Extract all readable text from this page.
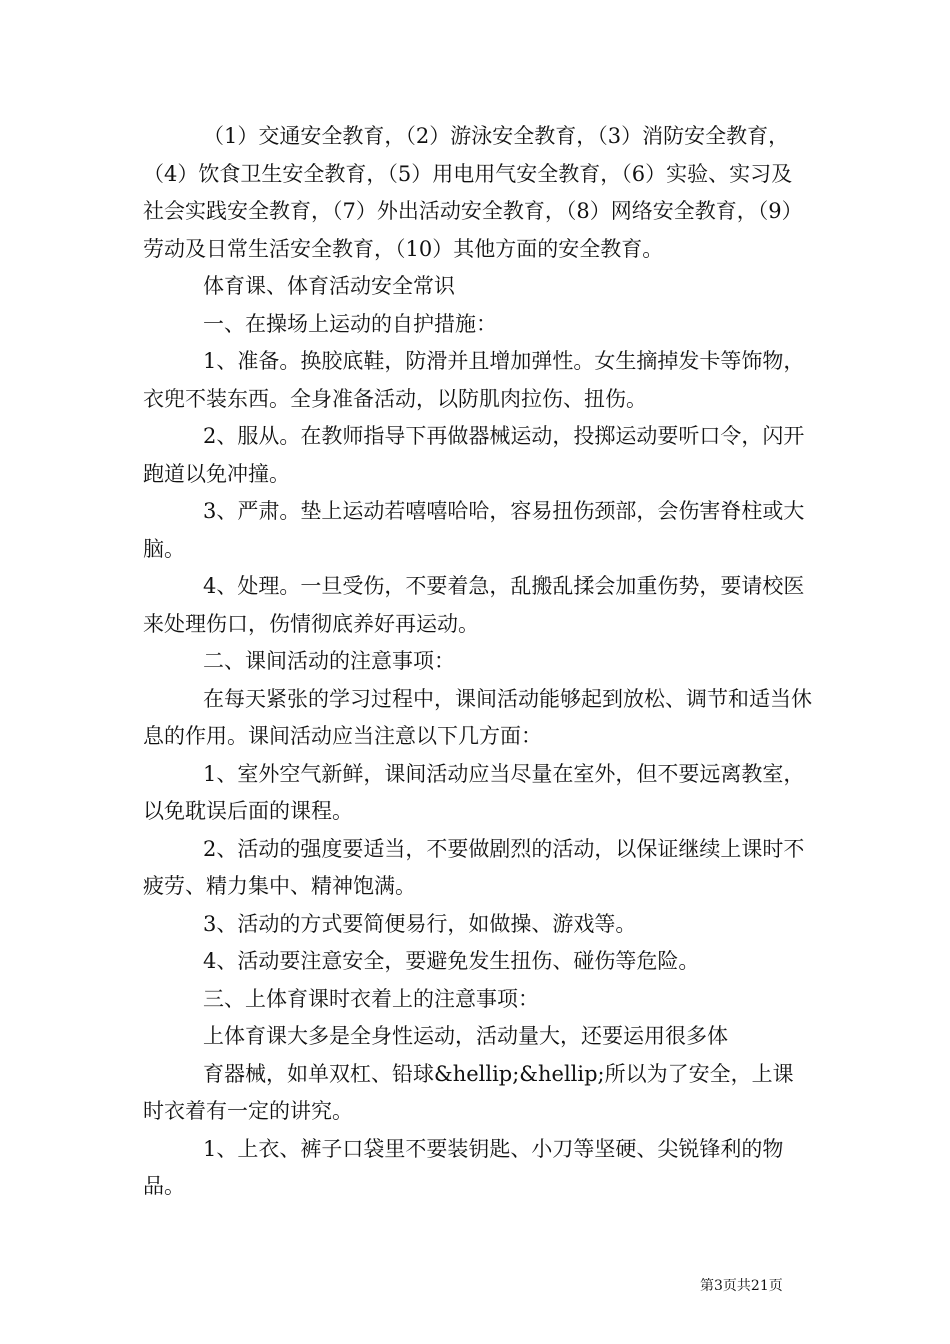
（1）交通安全教育，（2）游泳安全教育，（3）消防安全教育，（4）饮食卫生安全教育，（5）用电用气安全教育，（6）实验、实习及社会实践安全教育，（7）外出活动安全教育，（8）网络安全教育，（9）劳动及日常生活安全教育，（10）其他方面的安全教育。

体育课、体育活动安全常识

一、在操场上运动的自护措施：

1、准备。换胶底鞋，防滑并且增加弹性。女生摘掉发卡等饰物，衣兜不装东西。全身准备活动，以防肌肉拉伤、扭伤。

2、服从。在教师指导下再做器械运动，投掷运动要听口令，闪开跑道以免冲撞。

3、严肃。垫上运动若嘻嘻哈哈，容易扭伤颈部，会伤害脊柱或大脑。

4、处理。一旦受伤，不要着急，乱搬乱揉会加重伤势，要请校医来处理伤口，伤情彻底养好再运动。

二、课间活动的注意事项：

在每天紧张的学习过程中，课间活动能够起到放松、调节和适当休息的作用。课间活动应当注意以下几方面：

1、室外空气新鲜，课间活动应当尽量在室外，但不要远离教室，以免耽误后面的课程。

2、活动的强度要适当，不要做剧烈的活动，以保证继续上课时不疲劳、精力集中、精神饱满。

3、活动的方式要简便易行，如做操、游戏等。

4、活动要注意安全，要避免发生扭伤、碰伤等危险。

三、上体育课时衣着上的注意事项：

上体育课大多是全身性运动，活动量大，还要运用很多体

育器械，如单双杠、铅球&hellip;&hellip;所以为了安全，上课时衣着有一定的讲究。

1、上衣、裤子口袋里不要装钥匙、小刀等坚硬、尖锐锋利的物品。

第3页共21页
